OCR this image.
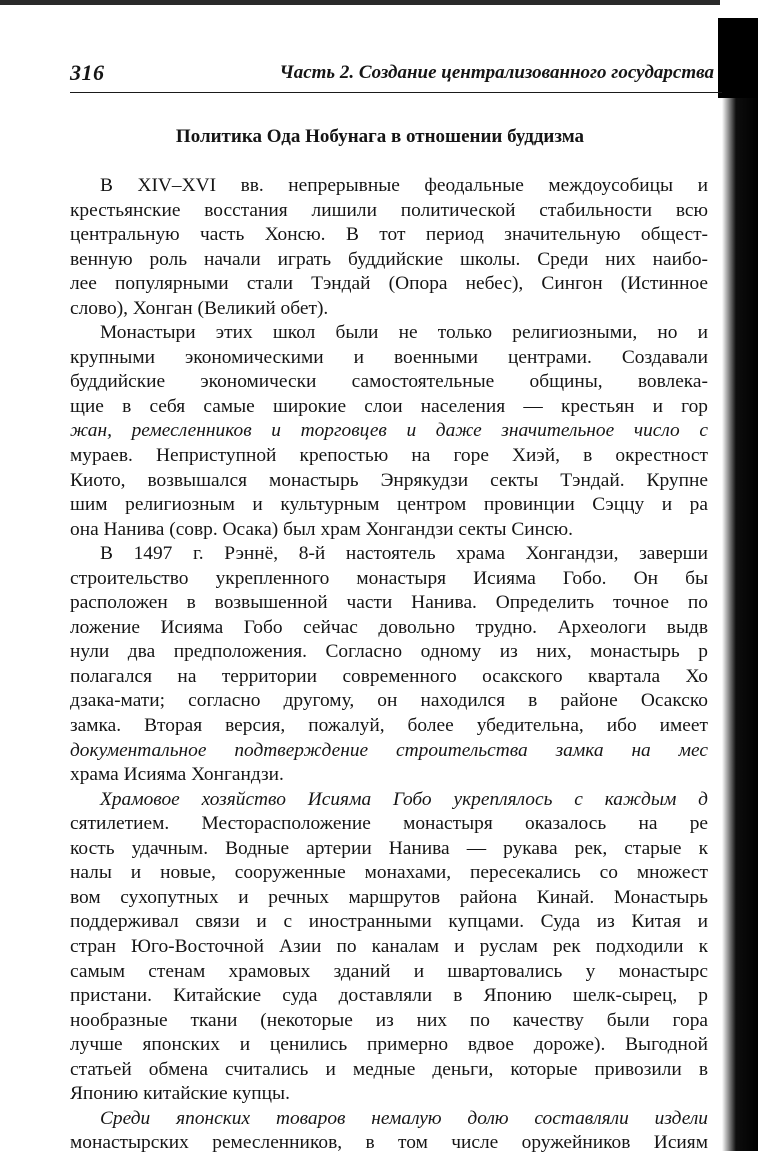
316	Часть 2. Создание централизованного государства
Политика Ода Нобунага в отношении буддизма
В XIV–XVI вв. непрерывные феодальные междоусобицы и
крестьянские восстания лишили политической стабильности всю
центральную часть Хонсю. В тот период значительную общест-
венную роль начали играть буддийские школы. Среди них наибо-
лее популярными стали Тэндай (Опора небес), Сингон (Истинное
слово), Хонган (Великий обет).
Монастыри этих школ были не только религиозными, но и
крупными экономическими и военными центрами. Создавали
буддийские экономически самостоятельные общины, вовлека-
щие в себя самые широкие слои населения — крестьян и гор
жан, ремесленников и торговцев и даже значительное число с
мураев. Неприступной крепостью на горе Хиэй, в окрестност
Киото, возвышался монастырь Энрякудзи секты Тэндай. Крупне
шим религиозным и культурным центром провинции Сэццу и ра
она Нанива (совр. Осака) был храм Хонгандзи секты Синсю.
В 1497 г. Рэннё, 8-й настоятель храма Хонгандзи, заверши
строительство укрепленного монастыря Исияма Гобо. Он бы
расположен в возвышенной части Нанива. Определить точное по
ложение Исияма Гобо сейчас довольно трудно. Археологи выдв
нули два предположения. Согласно одному из них, монастырь р
полагался на территории современного осакского квартала Хо
дзака-мати; согласно другому, он находился в районе Осакско
замка. Вторая версия, пожалуй, более убедительна, ибо имеет
документальное подтверждение строительства замка на мес
храма Исияма Хонгандзи.
Храмовое хозяйство Исияма Гобо укреплялось с каждым д
сятилетием. Месторасположение монастыря оказалось на ре
кость удачным. Водные артерии Нанива — рукава рек, старые к
налы и новые, сооруженные монахами, пересекались со множест
вом сухопутных и речных маршрутов района Кинай. Монастырь
поддерживал связи и с иностранными купцами. Суда из Китая и
стран Юго-Восточной Азии по каналам и руслам рек подходили к
самым стенам храмовых зданий и швартовались у монастырс
пристани. Китайские суда доставляли в Японию шелк-сырец, р
нообразные ткани (некоторые из них по качеству были гора
лучше японских и ценились примерно вдвое дороже). Выгодной
статьей обмена считались и медные деньги, которые привозили в
Японию китайские купцы.
Среди японских товаров немалую долю составляли издели
монастырских ремесленников, в том числе оружейников Исиям
